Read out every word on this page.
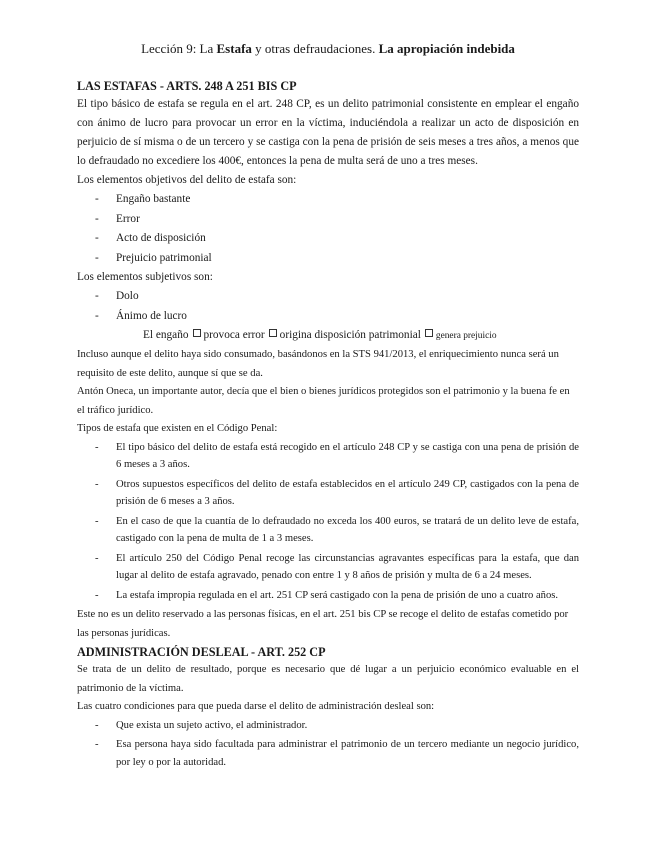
Lección 9: La Estafa y otras defraudaciones. La apropiación indebida
LAS ESTAFAS - ARTS. 248 A 251 BIS CP

El tipo básico de estafa se regula en el art. 248 CP, es un delito patrimonial consistente en emplear el engaño con ánimo de lucro para provocar un error en la víctima, induciéndola a realizar un acto de disposición en perjuicio de sí misma o de un tercero y se castiga con la pena de prisión de seis meses a tres años, a menos que lo defraudado no excediere los 400€, entonces la pena de multa será de uno a tres meses.

Los elementos objetivos del delito de estafa son:

- Engaño bastante
- Error
- Acto de disposición
- Prejuicio patrimonial

Los elementos subjetivos son:

- Dolo
- Ánimo de lucro
El engaño provoca error origina disposición patrimonial genera prejuicio

Incluso aunque el delito haya sido consumado, basándonos en la STS 941/2013, el enriquecimiento nunca será un requisito de este delito, aunque sí que se da.

Antón Oneca, un importante autor, decía que el bien o bienes jurídicos protegidos son el patrimonio y la buena fe en el tráfico jurídico.

Tipos de estafa que existen en el Código Penal:

- El tipo básico del delito de estafa está recogido en el artículo 248 CP y se castiga con una pena de prisión de 6 meses a 3 años.
- Otros supuestos específicos del delito de estafa establecidos en el artículo 249 CP, castigados con la pena de prisión de 6 meses a 3 años.
- En el caso de que la cuantía de lo defraudado no exceda los 400 euros, se tratará de un delito leve de estafa, castigado con la pena de multa de 1 a 3 meses.
- El artículo 250 del Código Penal recoge las circunstancias agravantes específicas para la estafa, que dan lugar al delito de estafa agravado, penado con entre 1 y 8 años de prisión y multa de 6 a 24 meses.
- La estafa impropia regulada en el art. 251 CP será castigado con la pena de prisión de uno a cuatro años.

Este no es un delito reservado a las personas físicas, en el art. 251 bis CP se recoge el delito de estafas cometido por las personas jurídicas.

ADMINISTRACIÓN DESLEAL - ART. 252 CP

Se trata de un delito de resultado, porque es necesario que dé lugar a un perjuicio económico evaluable en el patrimonio de la víctima.

Las cuatro condiciones para que pueda darse el delito de administración desleal son:

- Que exista un sujeto activo, el administrador.
- Esa persona haya sido facultada para administrar el patrimonio de un tercero mediante un negocio jurídico, por ley o por la autoridad.
